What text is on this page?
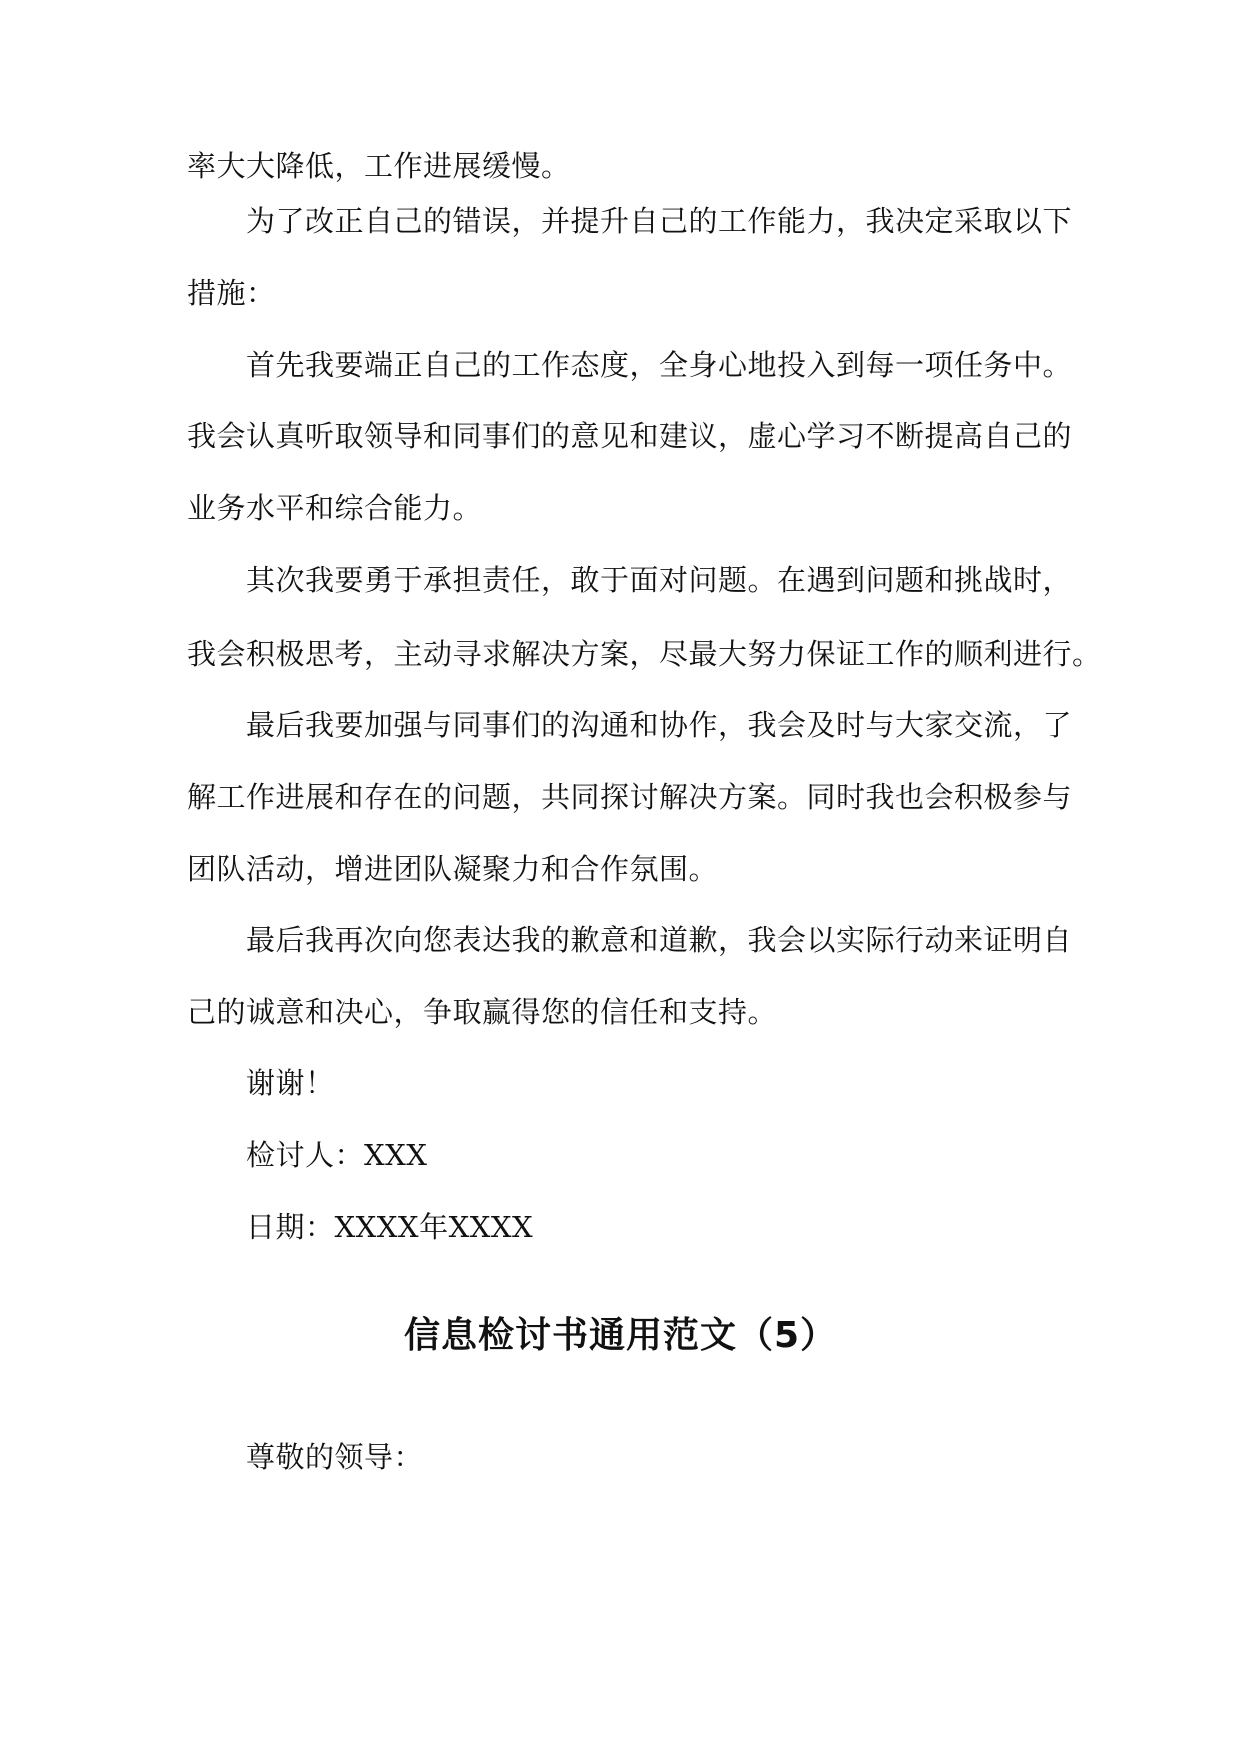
率大大降低，工作进展缓慢。
为了改正自己的错误，并提升自己的工作能力，我决定采取以下
措施：
首先我要端正自己的工作态度，全身心地投入到每一项任务中。
我会认真听取领导和同事们的意见和建议，虚心学习不断提高自己的
业务水平和综合能力。
其次我要勇于承担责任，敢于面对问题。在遇到问题和挑战时，
我会积极思考，主动寻求解决方案，尽最大努力保证工作的顺利进行。
最后我要加强与同事们的沟通和协作，我会及时与大家交流，了
解工作进展和存在的问题，共同探讨解决方案。同时我也会积极参与
团队活动，增进团队凝聚力和合作氛围。
最后我再次向您表达我的歉意和道歉，我会以实际行动来证明自
己的诚意和决心，争取赢得您的信任和支持。
谢谢！
检讨人：XXX
日期：XXXX年XXXX
信息检讨书通用范文（5）
尊敬的领导：
